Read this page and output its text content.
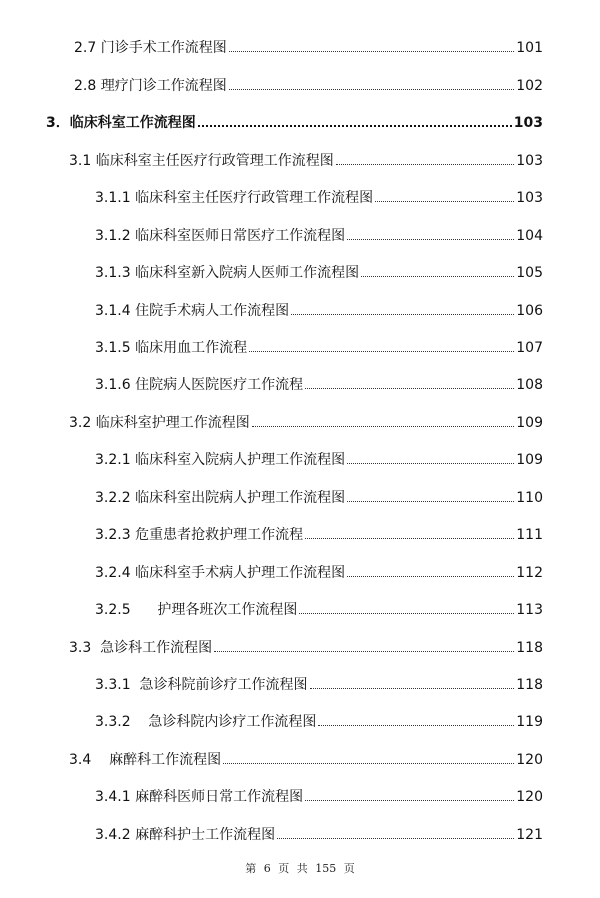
2.7 门诊手术工作流程图	101
2.8 理疗门诊工作流程图	102
3．临床科室工作流程图	103
3.1 临床科室主任医疗行政管理工作流程图	103
3.1.1 临床科室主任医疗行政管理工作流程图	103
3.1.2 临床科室医师日常医疗工作流程图	104
3.1.3 临床科室新入院病人医师工作流程图	105
3.1.4 住院手术病人工作流程图	106
3.1.5 临床用血工作流程	107
3.1.6 住院病人医院医疗工作流程	108
3.2 临床科室护理工作流程图	109
3.2.1 临床科室入院病人护理工作流程图	109
3.2.2 临床科室出院病人护理工作流程图	110
3.2.3 危重患者抢救护理工作流程	111
3.2.4 临床科室手术病人护理工作流程图	112
3.2.5      护理各班次工作流程图	113
3.3  急诊科工作流程图	118
3.3.1  急诊科院前诊疗工作流程图	118
3.3.2    急诊科院内诊疗工作流程图	119
3.4    麻醉科工作流程图	120
3.4.1 麻醉科医师日常工作流程图	120
3.4.2 麻醉科护士工作流程图	121
第 6 页 共 155 页
